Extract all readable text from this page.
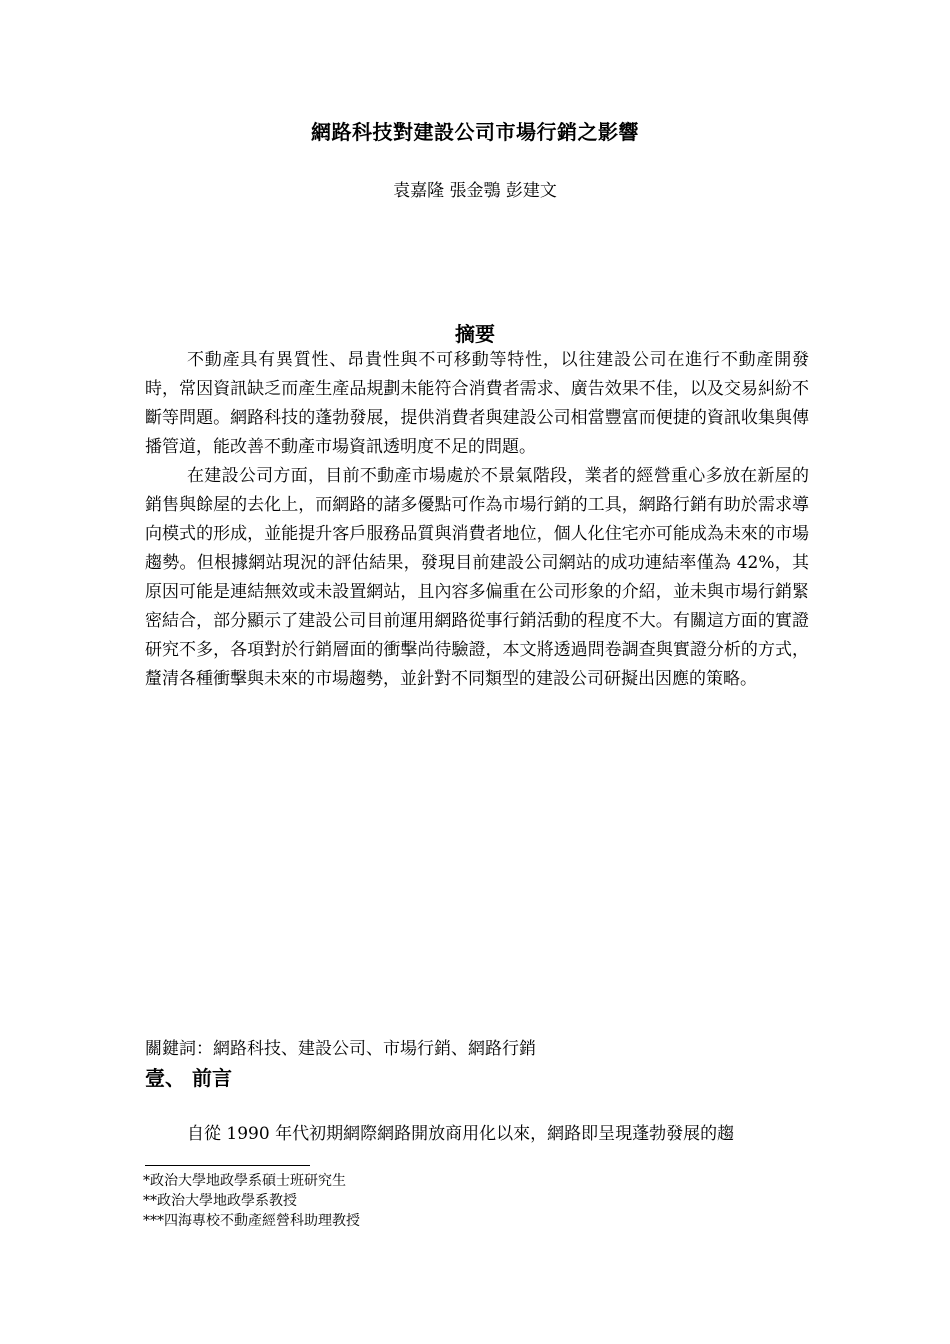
網路科技對建設公司市場行銷之影響
袁嘉隆 張金鶚 彭建文
摘要

不動產具有異質性、昂貴性與不可移動等特性，以往建設公司在進行不動產開發時，常因資訊缺乏而產生產品規劃未能符合消費者需求、廣告效果不佳，以及交易糾紛不斷等問題。網路科技的蓬勃發展，提供消費者與建設公司相當豐富而便捷的資訊收集與傳播管道，能改善不動產市場資訊透明度不足的問題。

在建設公司方面，目前不動產市場處於不景氣階段，業者的經營重心多放在新屋的銷售與餘屋的去化上，而網路的諸多優點可作為市場行銷的工具，網路行銷有助於需求導向模式的形成，並能提升客戶服務品質與消費者地位，個人化住宅亦可能成為未來的市場趨勢。但根據網站現況的評估結果，發現目前建設公司網站的成功連結率僅為 42%，其原因可能是連結無效或未設置網站，且內容多偏重在公司形象的介紹，並未與市場行銷緊密結合，部分顯示了建設公司目前運用網路從事行銷活動的程度不大。有關這方面的實證研究不多，各項對於行銷層面的衝擊尚待驗證，本文將透過問卷調查與實證分析的方式，釐清各種衝擊與未來的市場趨勢，並針對不同類型的建設公司研擬出因應的策略。

關鍵詞：網路科技、建設公司、市場行銷、網路行銷
壹、 前言

自從 1990 年代初期網際網路開放商用化以來，網路即呈現蓬勃發展的趨

*政治大學地政學系碩士班研究生
**政治大學地政學系教授
***四海專校不動產經營科助理教授
